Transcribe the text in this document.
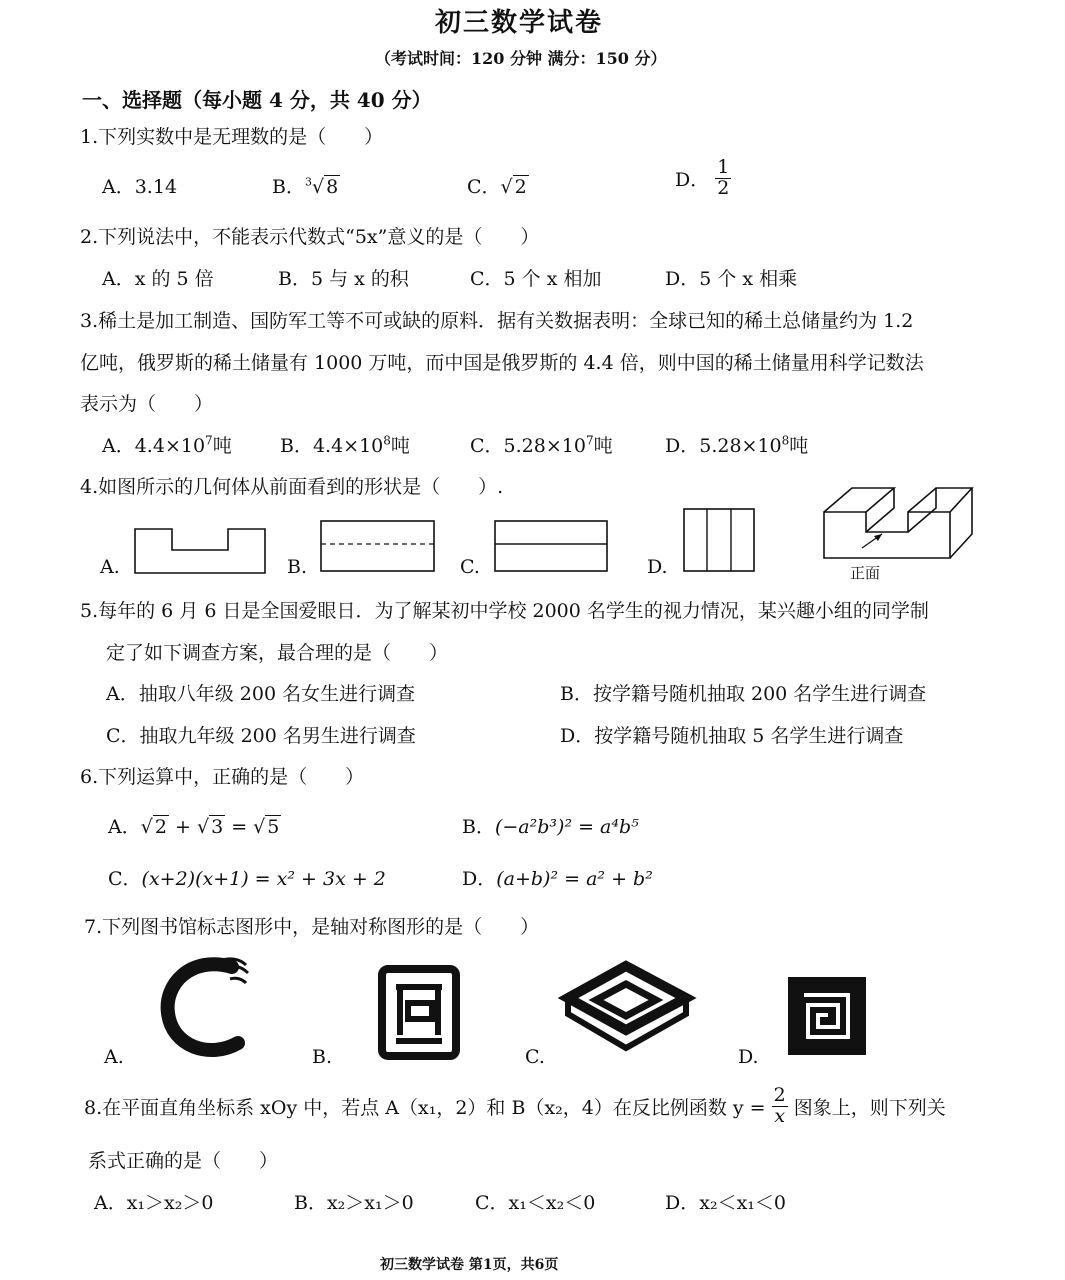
初三数学试卷
（考试时间：120 分钟 满分：150 分）
一、选择题（每小题 4 分，共 40 分）
1.下列实数中是无理数的是（　　）
A．3.14	B．$^3$√ 8	C．√ 2	D． $\frac{1}{2}$
2.下列说法中，不能表示代数式“5x”意义的是（　　）
A．x 的 5 倍	B．5 与 x 的积	C．5 个 x 相加	D．5 个 x 相乘
3.稀土是加工制造、国防军工等不可或缺的原料．据有关数据表明：全球已知的稀土总储量约为 1.2
亿吨，俄罗斯的稀土储量有 1000 万吨，而中国是俄罗斯的 4.4 倍，则中国的稀土储量用科学记数法
表示为（　　）
A．$4.4\times 10^7$吨	B．$4.4\times 10^8$吨	C．$5.28\times 10^7$吨	D．$5.28\times 10^8$吨
4.如图所示的几何体从前面看到的形状是（　　）.
A.	B.	C.	D.	正面
5.每年的 6 月 6 日是全国爱眼日．为了解某初中学校 2000 名学生的视力情况，某兴趣小组的同学制
定了如下调查方案，最合理的是（　　）
A．抽取八年级 200 名女生进行调查	B．按学籍号随机抽取 200 名学生进行调查
C．抽取九年级 200 名男生进行调查	D．按学籍号随机抽取 5 名学生进行调查
6.下列运算中，正确的是（　　）
A．√ 2 + √ 3 = √ 5	B．(−a²b³)² = a⁴b⁵
C．(x+2)(x+1) = x² + 3x + 2	D．(a+b)² = a² + b²
7.下列图书馆标志图形中，是轴对称图形的是（　　）
A.	B.	C.	D.
8.在平面直角坐标系 xOy 中，若点 A（x₁，2）和 B（x₂，4）在反比例函数 $y = \frac{2}{x}$ 图象上，则下列关
系式正确的是（　　）
A．x₁＞x₂＞0	B．x₂＞x₁＞0	C．x₁＜x₂＜0	D．x₂＜x₁＜0
初三数学试卷 第1页，共6页
